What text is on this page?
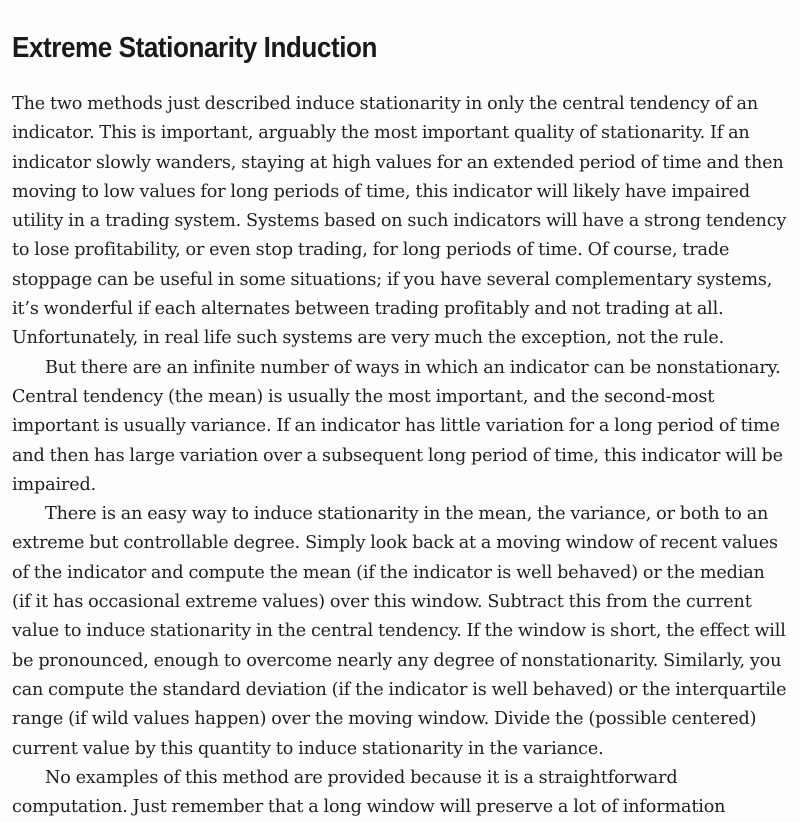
Extreme Stationarity Induction

The two methods just described induce stationarity in only the central tendency of an
indicator. This is important, arguably the most important quality of stationarity. If an
indicator slowly wanders, staying at high values for an extended period of time and then
moving to low values for long periods of time, this indicator will likely have impaired
utility in a trading system. Systems based on such indicators will have a strong tendency
to lose profitability, or even stop trading, for long periods of time. Of course, trade
stoppage can be useful in some situations; if you have several complementary systems,
it’s wonderful if each alternates between trading profitably and not trading at all.
Unfortunately, in real life such systems are very much the exception, not the rule.

But there are an infinite number of ways in which an indicator can be nonstationary.
Central tendency (the mean) is usually the most important, and the second-most
important is usually variance. If an indicator has little variation for a long period of time
and then has large variation over a subsequent long period of time, this indicator will be
impaired.

There is an easy way to induce stationarity in the mean, the variance, or both to an
extreme but controllable degree. Simply look back at a moving window of recent values
of the indicator and compute the mean (if the indicator is well behaved) or the median
(if it has occasional extreme values) over this window. Subtract this from the current
value to induce stationarity in the central tendency. If the window is short, the effect will
be pronounced, enough to overcome nearly any degree of nonstationarity. Similarly, you
can compute the standard deviation (if the indicator is well behaved) or the interquartile
range (if wild values happen) over the moving window. Divide the (possible centered)
current value by this quantity to induce stationarity in the variance.

No examples of this method are provided because it is a straightforward
computation. Just remember that a long window will preserve a lot of information
